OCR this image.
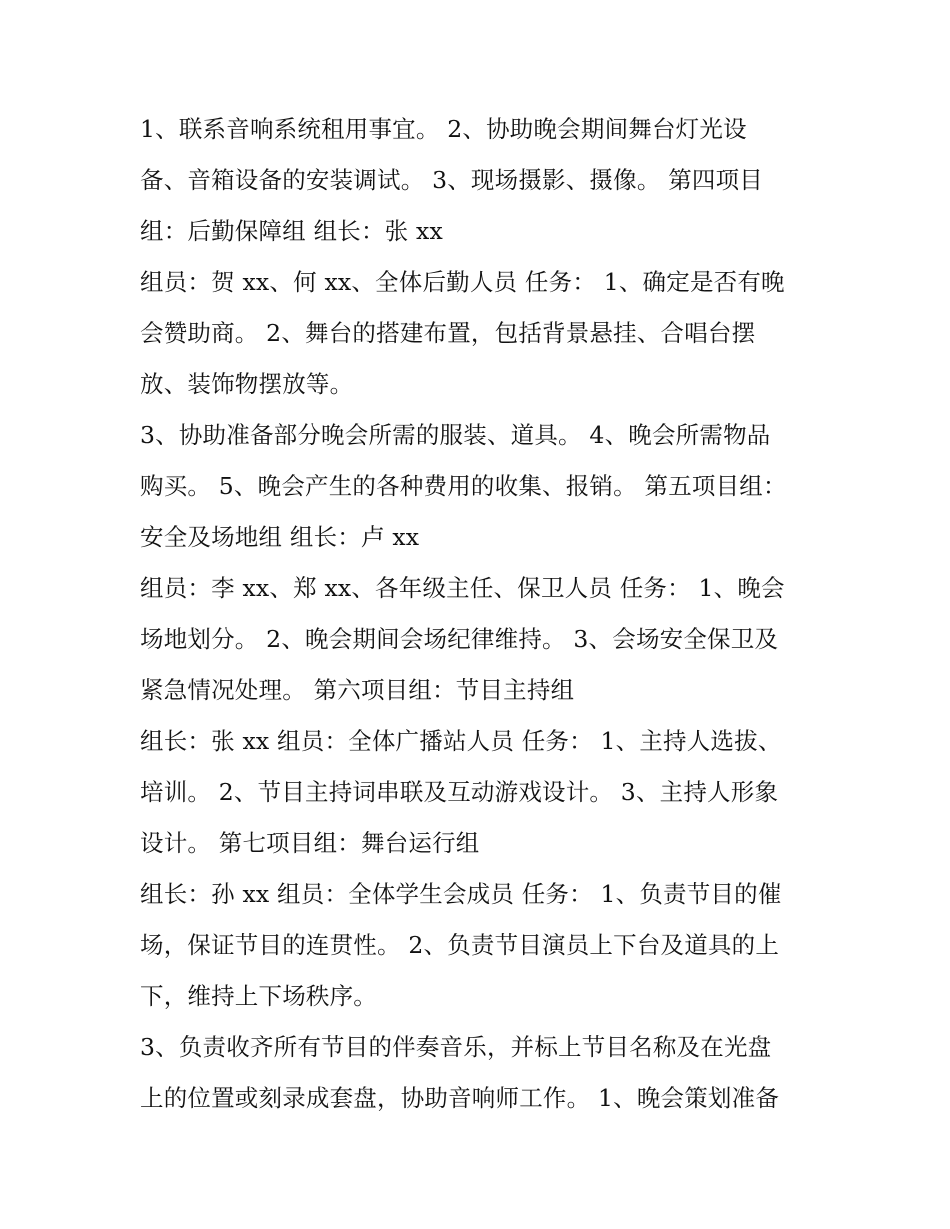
1、联系音响系统租用事宜。 2、协助晚会期间舞台灯光设
备、音箱设备的安装调试。 3、现场摄影、摄像。 第四项目
组：后勤保障组 组长：张 xx
组员：贺 xx、何 xx、全体后勤人员 任务： 1、确定是否有晚
会赞助商。 2、舞台的搭建布置，包括背景悬挂、合唱台摆
放、装饰物摆放等。
3、协助准备部分晚会所需的服装、道具。 4、晚会所需物品
购买。 5、晚会产生的各种费用的收集、报销。 第五项目组：
安全及场地组 组长：卢 xx
组员：李 xx、郑 xx、各年级主任、保卫人员 任务： 1、晚会
场地划分。 2、晚会期间会场纪律维持。 3、会场安全保卫及
紧急情况处理。 第六项目组：节目主持组
组长：张 xx 组员：全体广播站人员 任务： 1、主持人选拔、
培训。 2、节目主持词串联及互动游戏设计。 3、主持人形象
设计。 第七项目组：舞台运行组
组长：孙 xx 组员：全体学生会成员 任务： 1、负责节目的催
场，保证节目的连贯性。 2、负责节目演员上下台及道具的上
下，维持上下场秩序。
3、负责收齐所有节目的伴奏音乐，并标上节目名称及在光盘
上的位置或刻录成套盘，协助音响师工作。 1、晚会策划准备
